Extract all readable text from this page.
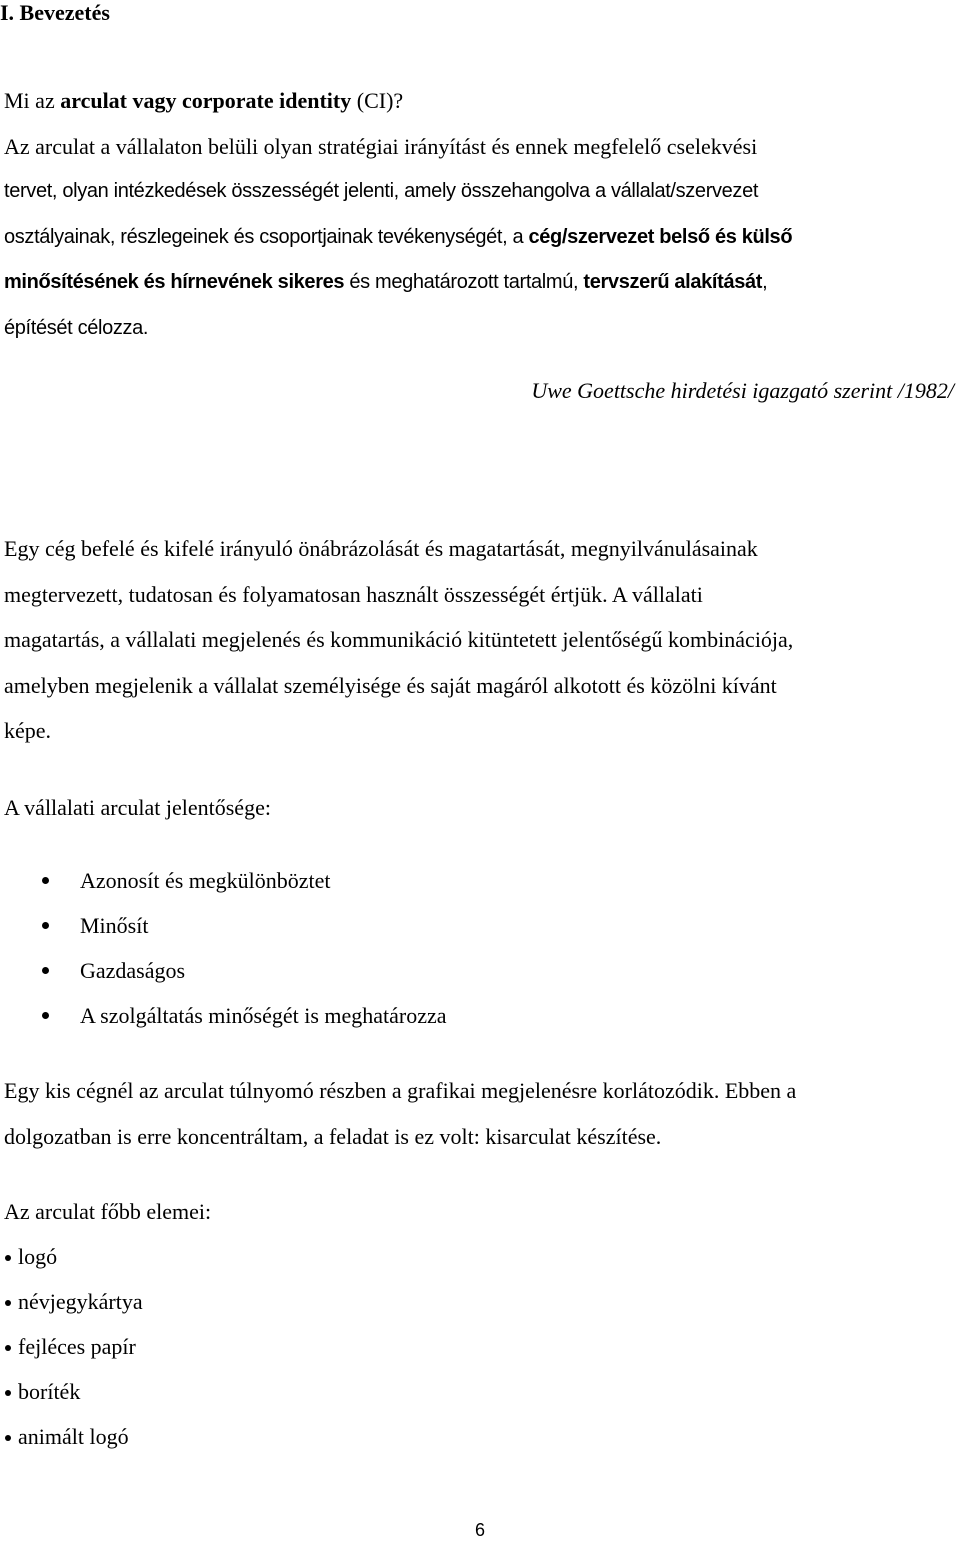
I. Bevezetés
Mi az arculat vagy corporate identity (CI)?
Az arculat a vállalaton belüli olyan stratégiai irányítást és ennek megfelelő cselekvési
tervet, olyan intézkedések összességét jelenti, amely összehangolva a vállalat/szervezet
osztályainak, részlegeinek és csoportjainak tevékenységét, a cég/szervezet belső és külső
minősítésének és hírnevének sikeres és meghatározott tartalmú, tervszerű alakítását,
építését célozza.
Uwe Goettsche hirdetési igazgató szerint /1982/
Egy cég befelé és kifelé irányuló önábrázolását és magatartását, megnyilvánulásainak
megtervezett, tudatosan és folyamatosan használt összességét értjük. A vállalati
magatartás, a vállalati megjelenés és kommunikáció kitüntetett jelentőségű kombinációja,
amelyben megjelenik a vállalat személyisége és saját magáról alkotott és közölni kívánt
képe.
A vállalati arculat jelentősége:
Azonosít és megkülönböztet
Minősít
Gazdaságos
A szolgáltatás minőségét is meghatározza
Egy kis cégnél az arculat túlnyomó részben a grafikai megjelenésre korlátozódik. Ebben a
dolgozatban is erre koncentráltam, a feladat is ez volt: kisarculat készítése.
Az arculat főbb elemei:
logó
névjegykártya
fejléces papír
boríték
animált logó
6
